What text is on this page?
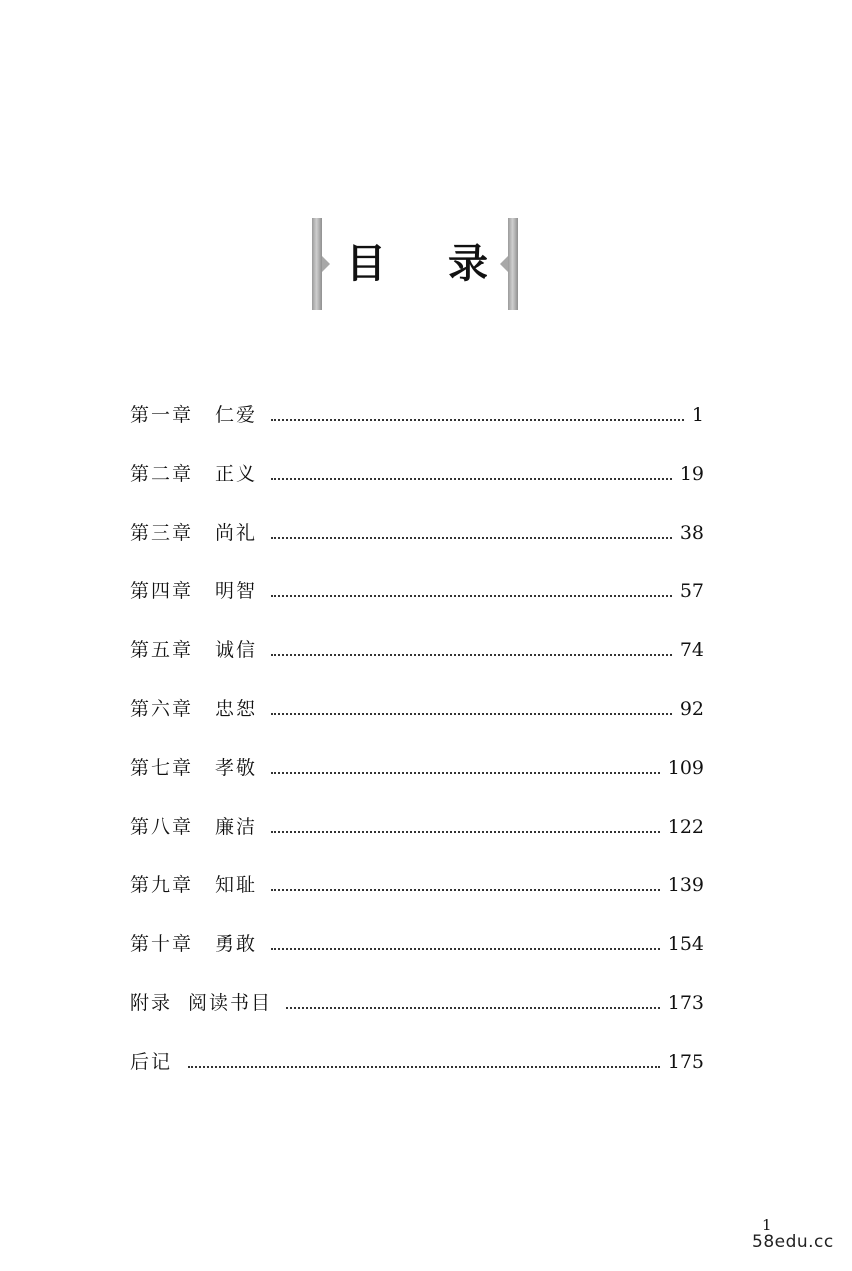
目 录
第一章 仁爱	1
第二章 正义	19
第三章 尚礼	38
第四章 明智	57
第五章 诚信	74
第六章 忠恕	92
第七章 孝敬	109
第八章 廉洁	122
第九章 知耻	139
第十章 勇敢	154
附录 阅读书目	173
后记	175
1
58edu.cc
